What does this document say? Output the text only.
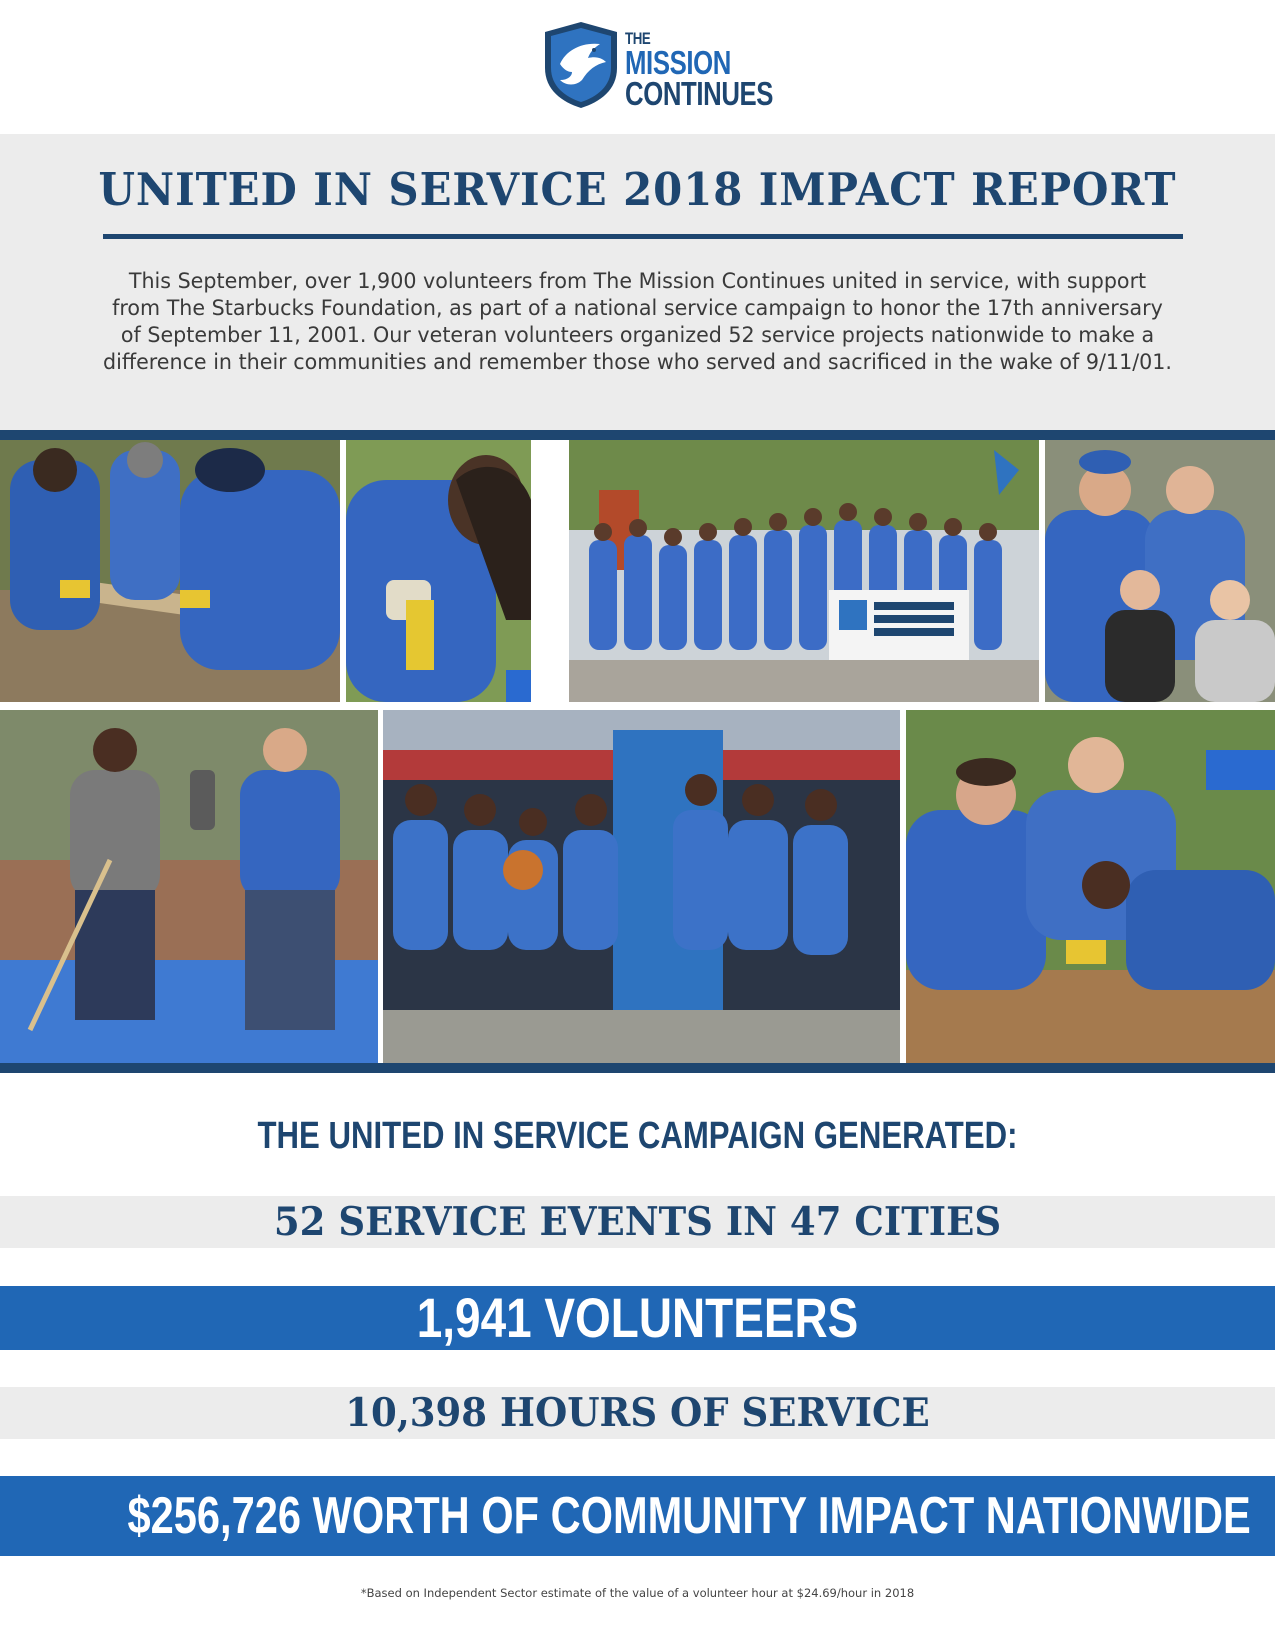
THE
MISSION
CONTINUES
UNITED IN SERVICE 2018 IMPACT REPORT

This September, over 1,900 volunteers from The Mission Continues united in service, with support
from The Starbucks Foundation, as part of a national service campaign to honor the 17th anniversary
of September 11, 2001. Our veteran volunteers organized 52 service projects nationwide to make a
difference in their communities and remember those who served and sacrificed in the wake of 9/11/01.

THE UNITED IN SERVICE CAMPAIGN GENERATED:
52 SERVICE EVENTS IN 47 CITIES
1,941 VOLUNTEERS
10,398 HOURS OF SERVICE
$256,726 WORTH OF COMMUNITY IMPACT NATIONWIDE

*Based on Independent Sector estimate of the value of a volunteer hour at $24.69/hour in 2018
